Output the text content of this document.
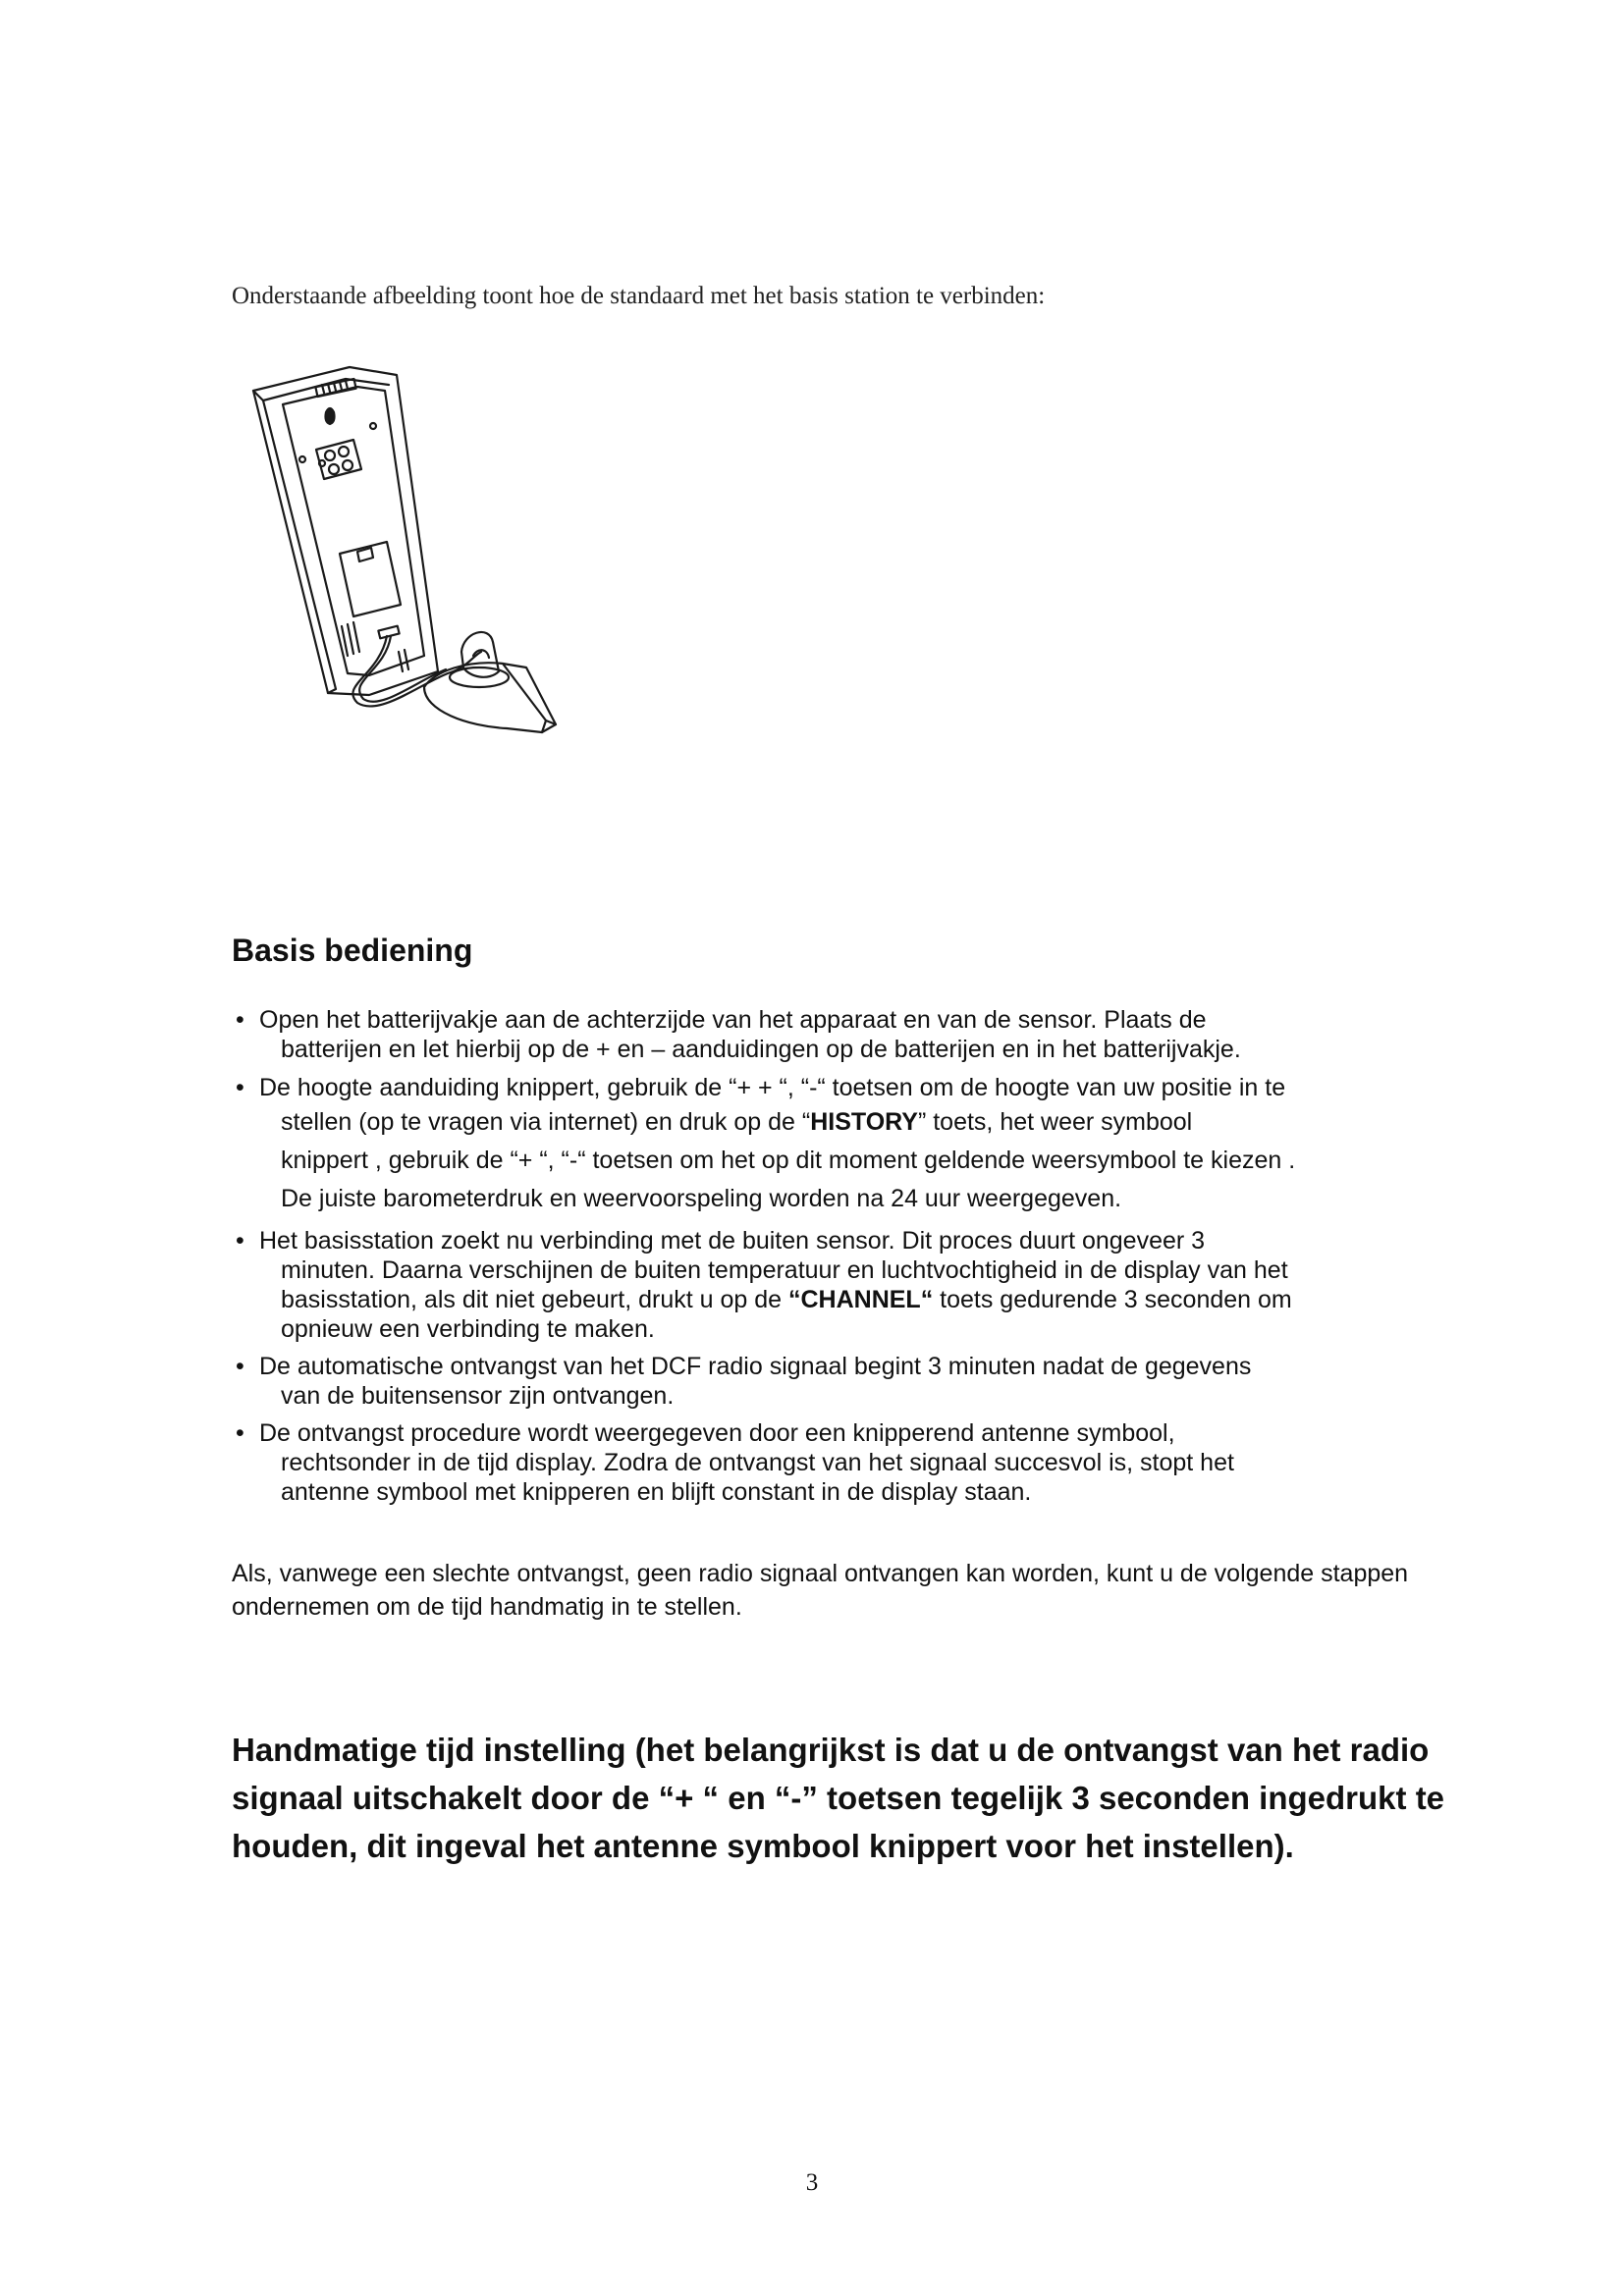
Onderstaande afbeelding toont hoe de standaard met het basis station te verbinden:
Basis bediening
• Open het batterijvakje aan de achterzijde van het apparaat en van de sensor. Plaats de
batterijen en let hierbij op de + en – aanduidingen op de batterijen en in het batterijvakje.
• De hoogte aanduiding knippert, gebruik de “+ + “, “-“ toetsen om de hoogte van uw positie in te
stellen (op te vragen via internet) en druk op de “HISTORY” toets, het weer symbool
knippert , gebruik de “+ “, “-“ toetsen om het op dit moment geldende weersymbool te kiezen .
De juiste barometerdruk en weervoorspeling worden na 24 uur weergegeven.
• Het basisstation zoekt nu verbinding met de buiten sensor. Dit proces duurt ongeveer 3
minuten. Daarna verschijnen de buiten temperatuur en luchtvochtigheid in de display van het
basisstation, als dit niet gebeurt, drukt u op de “CHANNEL“ toets gedurende 3 seconden om
opnieuw een verbinding te maken.
• De automatische ontvangst van het DCF radio signaal begint 3 minuten nadat de gegevens
van de buitensensor zijn ontvangen.
• De ontvangst procedure wordt weergegeven door een knipperend antenne symbool,
rechtsonder in de tijd display. Zodra de ontvangst van het signaal succesvol is, stopt het
antenne symbool met knipperen en blijft constant in de display staan.

Als, vanwege een slechte ontvangst, geen radio signaal ontvangen kan worden, kunt u de volgende stappen ondernemen om de tijd handmatig in te stellen.

Handmatige tijd instelling (het belangrijkst is dat u de ontvangst van het radio signaal uitschakelt door de “+ “ en “-” toetsen tegelijk 3 seconden ingedrukt te houden, dit ingeval het antenne symbool knippert voor het instellen).
3
